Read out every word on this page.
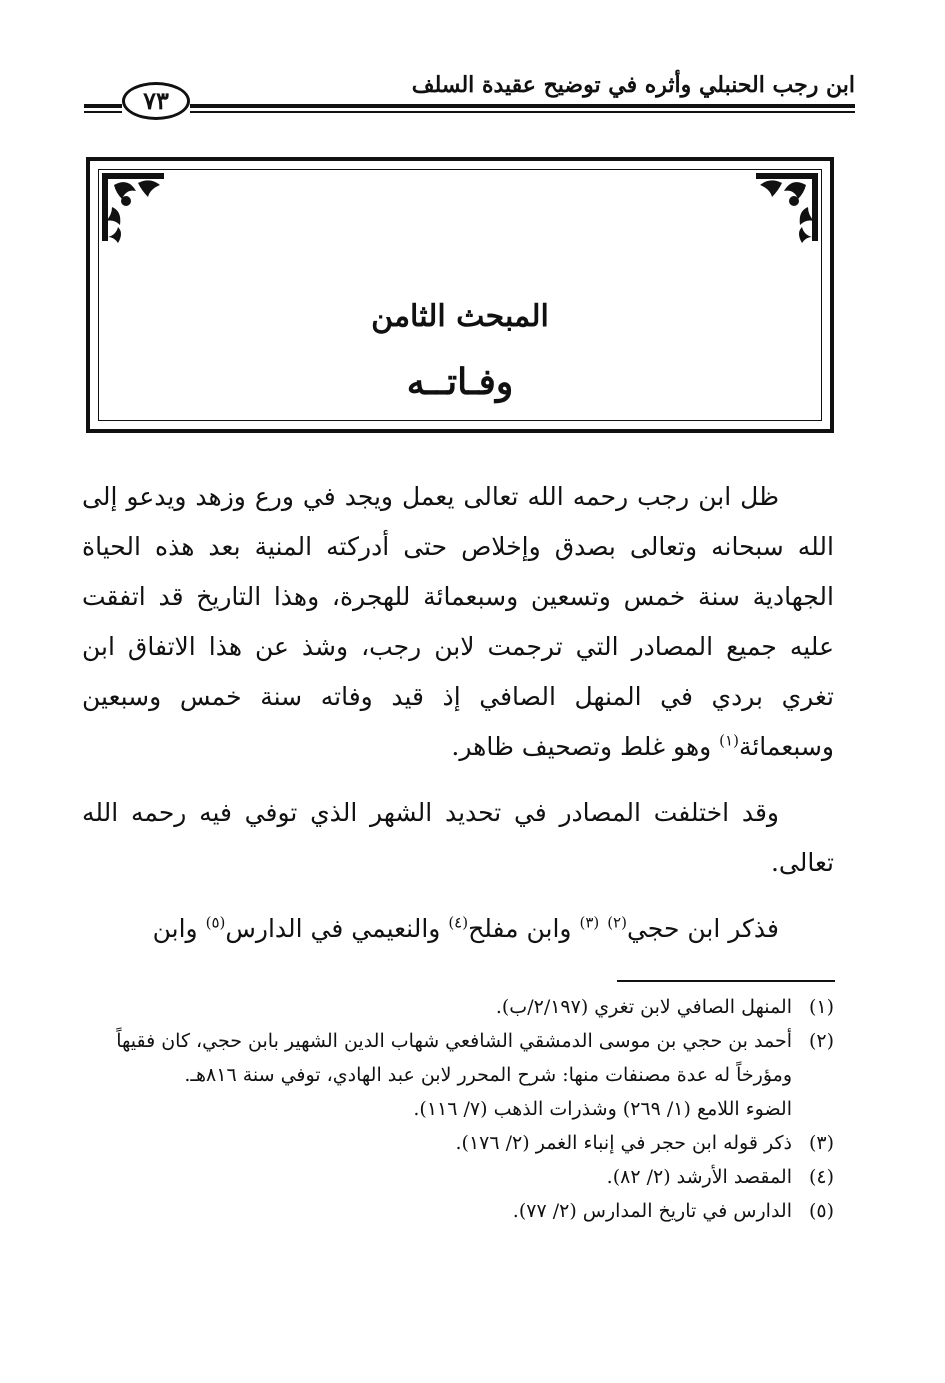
ابن رجب الحنبلي وأثره في توضيح عقيدة السلف
٧٣
المبحث الثامن
وفـاتــه

ظل ابن رجب رحمه الله تعالى يعمل ويجد في ورع وزهد ويدعو إلى الله سبحانه وتعالى بصدق وإخلاص حتى أدركته المنية بعد هذه الحياة الجهادية سنة خمس وتسعين وسبعمائة للهجرة، وهذا التاريخ قد اتفقت عليه جميع المصادر التي ترجمت لابن رجب، وشذ عن هذا الاتفاق ابن تغري بردي في المنهل الصافي إذ قيد وفاته سنة خمس وسبعين وسبعمائة$^{(١)}$ وهو غلط وتصحيف ظاهر.

وقد اختلفت المصادر في تحديد الشهر الذي توفي فيه رحمه الله تعالى.

فذكر ابن حجي$^{(٢)}$ $^{(٣)}$ وابن مفلح$^{(٤)}$ والنعيمي في الدارس$^{(٥)}$ وابن

(١)
المنهل الصافي لابن تغري (٢/١٩٧/ب).
(٢)
أحمد بن حجي بن موسى الدمشقي الشافعي شهاب الدين الشهير بابن حجي، كان فقيهاً ومؤرخاً له عدة مصنفات منها: شرح المحرر لابن عبد الهادي، توفي سنة ٨١٦هـ.
الضوء اللامع (١/ ٢٦٩) وشذرات الذهب (٧/ ١١٦).
(٣)
ذكر قوله ابن حجر في إنباء الغمر (٢/ ١٧٦).
(٤)
المقصد الأرشد (٢/ ٨٢).
(٥)
الدارس في تاريخ المدارس (٢/ ٧٧).
